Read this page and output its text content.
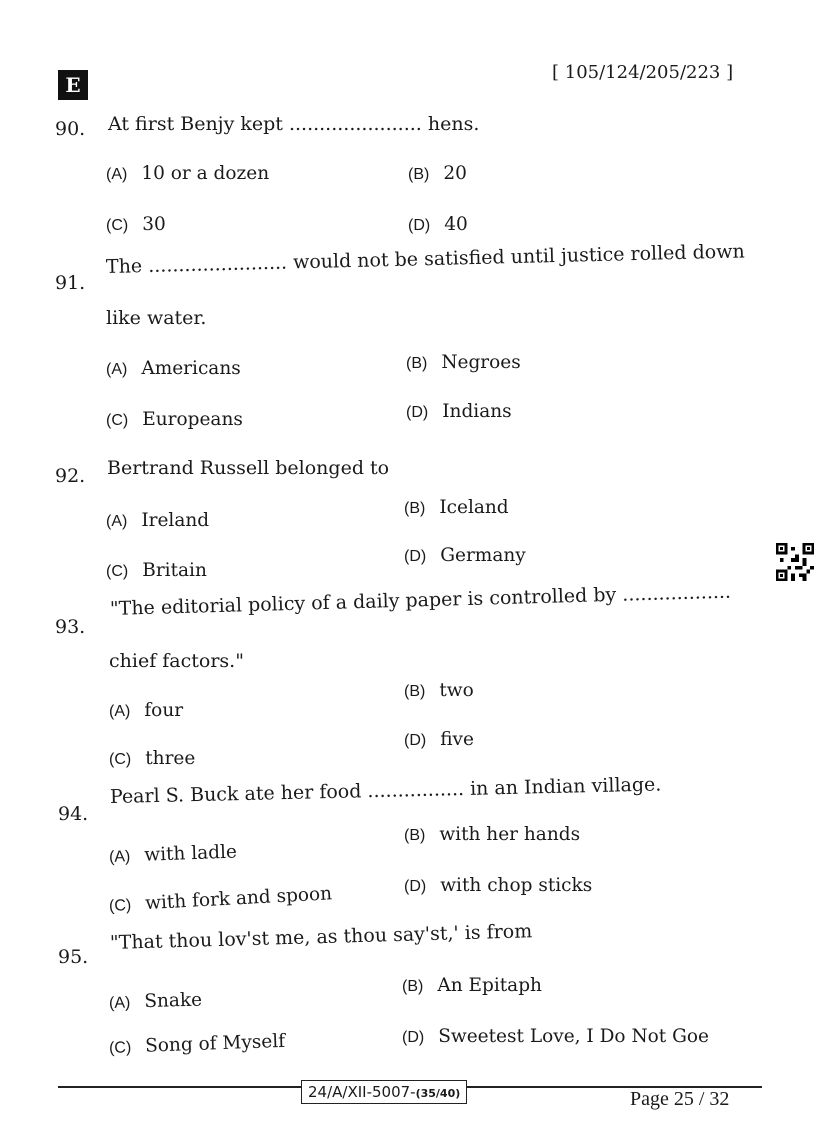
E
[ 105/124/205/223 ]
90. At first Benjy kept ...................... hens.
(A) 10 or a dozen	(B) 20
(C) 30	(D) 40
91.
The ....................... would not be satisfied until justice rolled down
like water.
(A) Americans	(B) Negroes
(C) Europeans	(D) Indians
92. Bertrand Russell belonged to
(A) Ireland
(B) Iceland
(C) Britain
(D) Germany
93.
"The editorial policy of a daily paper is controlled by ..................
chief factors."
(A) four
(B) two
(C) three
(D) five
94.
Pearl S. Buck ate her food ................ in an Indian village.
(A) with ladle
(B) with her hands
(C) with fork and spoon	(D) with chop sticks
95.
"That thou lov'st me, as thou say'st,' is from
(A) Snake
(B) An Epitaph
(C) Song of Myself	(D) Sweetest Love, I Do Not Goe
24/A/XII-5007-(35/40)	Page 25 / 32
